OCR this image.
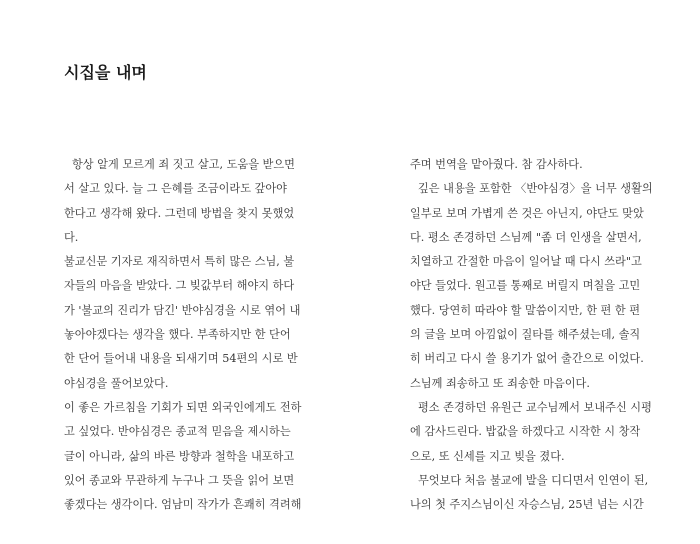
시집을 내며

항상 알게 모르게 죄 짓고 살고, 도움을 받으면

서 살고 있다. 늘 그 은혜를 조금이라도 갚아야

한다고 생각해 왔다. 그런데 방법을 찾지 못했었

다.

불교신문 기자로 재직하면서 특히 많은 스님, 불

자들의 마음을 받았다. 그 빚값부터 해야지 하다

가 '불교의 진리가 담긴' 반야심경을 시로 엮어 내

놓아야겠다는 생각을 했다. 부족하지만 한 단어

한 단어 들어내 내용을 되새기며 54편의 시로 반

야심경을 풀어보았다.

이 좋은 가르침을 기회가 되면 외국인에게도 전하

고 싶었다. 반야심경은 종교적 믿음을 제시하는

글이 아니라, 삶의 바른 방향과 철학을 내포하고

있어 종교와 무관하게 누구나 그 뜻을 읽어 보면

좋겠다는 생각이다. 엄남미 작가가 흔쾌히 격려해

주며 번역을 맡아줬다. 참 감사하다.

깊은 내용을 포함한 〈반야심경〉을 너무 생활의

일부로 보며 가볍게 쓴 것은 아닌지, 야단도 맞았

다. 평소 존경하던 스님께 "좀 더 인생을 살면서,

치열하고 간절한 마음이 일어날 때 다시 쓰라"고

야단 들었다. 원고를 통째로 버릴지 며칠을 고민

했다. 당연히 따라야 할 말씀이지만, 한 편 한 편

의 글을 보며 아낌없이 질타를 해주셨는데, 솔직

히 버리고 다시 쓸 용기가 없어 출간으로 이었다.

스님께 죄송하고 또 죄송한 마음이다.

평소 존경하던 유원근 교수님께서 보내주신 시평

에 감사드린다. 밥값을 하겠다고 시작한 시 창작

으로, 또 신세를 지고 빚을 졌다.

무엇보다 처음 불교에 발을 디디면서 인연이 된,

나의 첫 주지스님이신 자승스님, 25년 넘는 시간
